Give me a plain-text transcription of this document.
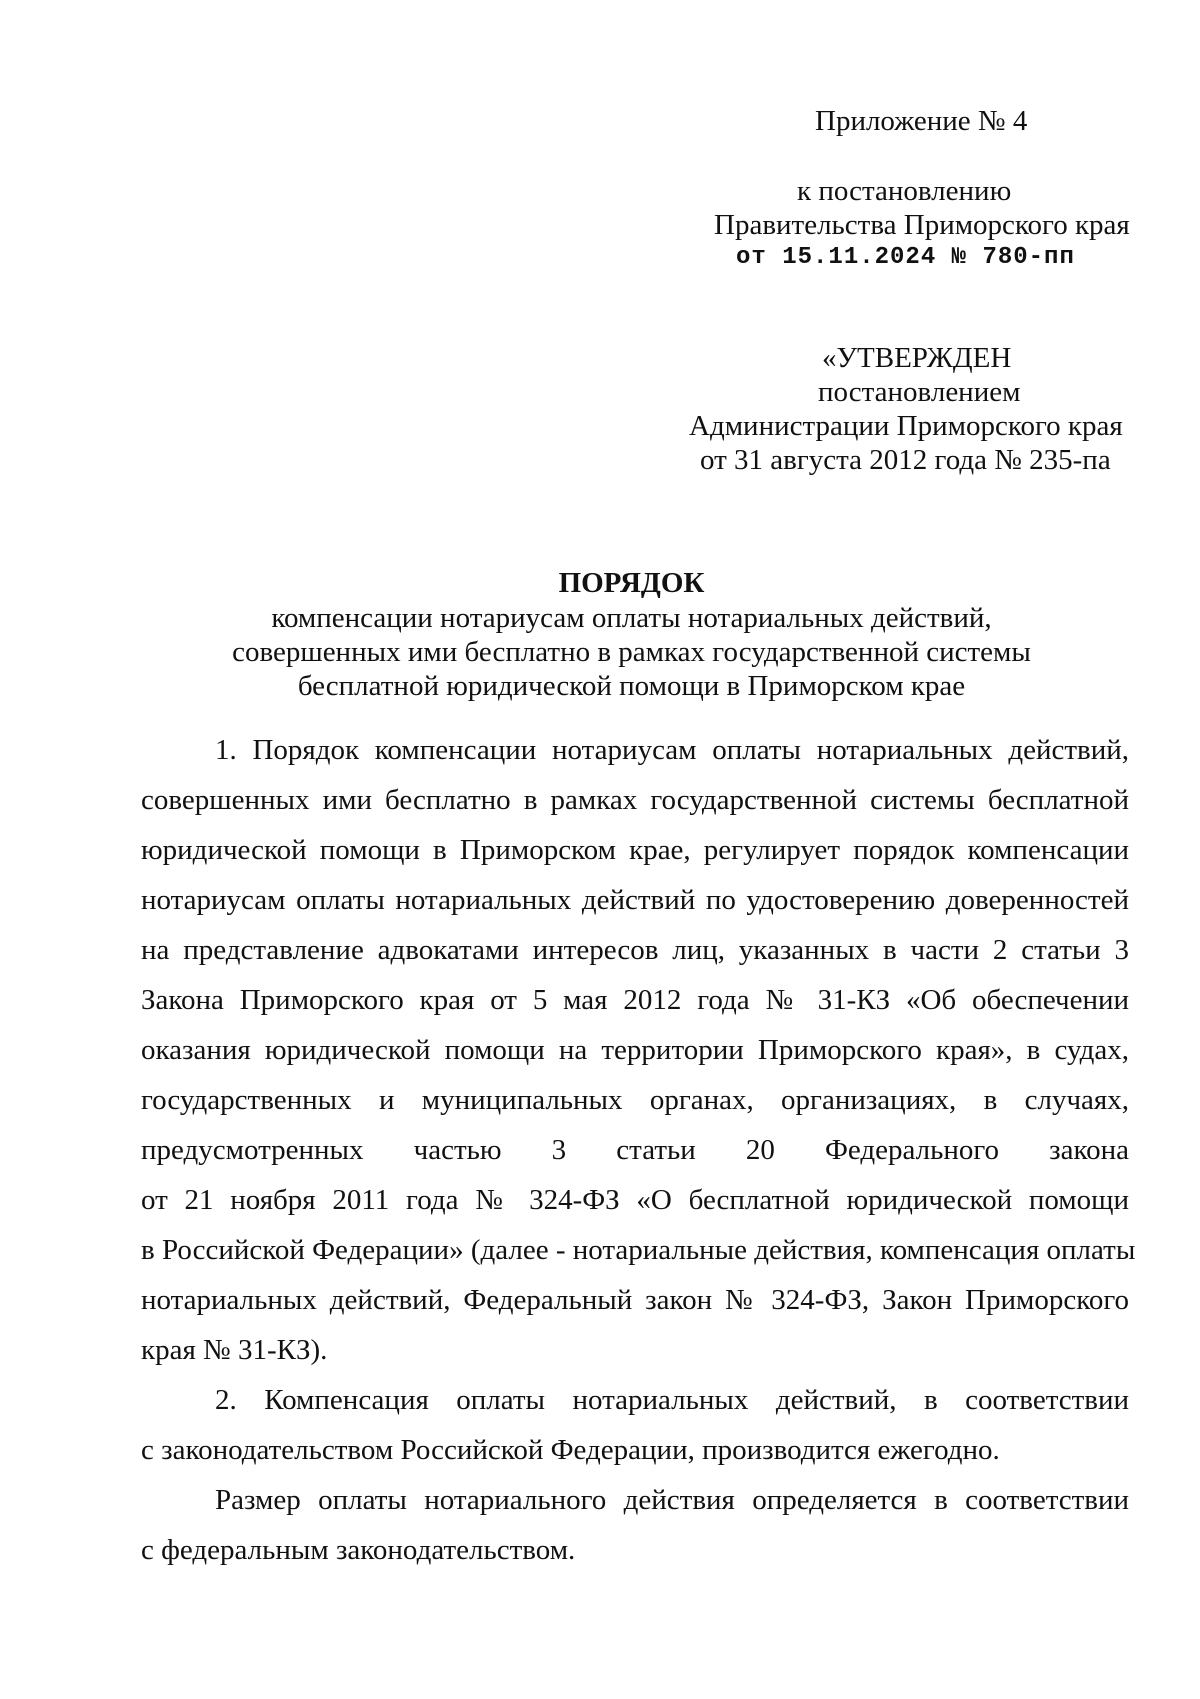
Приложение № 4
к постановлению
Правительства Приморского края
от 15.11.2024 № 780-пп
«УТВЕРЖДЕН
постановлением
Администрации Приморского края
от 31 августа 2012 года № 235-па
ПОРЯДОК
компенсации нотариусам оплаты нотариальных действий,
совершенных ими бесплатно в рамках государственной системы
бесплатной юридической помощи в Приморском крае
1. Порядок компенсации нотариусам оплаты нотариальных действий,
совершенных ими бесплатно в рамках государственной системы бесплатной
юридической помощи в Приморском крае, регулирует порядок компенсации
нотариусам оплаты нотариальных действий по удостоверению доверенностей
на представление адвокатами интересов лиц, указанных в части 2 статьи 3
Закона Приморского края от 5 мая 2012 года № 31-КЗ «Об обеспечении
оказания юридической помощи на территории Приморского края», в судах,
государственных и муниципальных органах, организациях, в случаях,
предусмотренных частью 3 статьи 20 Федерального закона
от 21 ноября 2011 года № 324-ФЗ «О бесплатной юридической помощи
в Российской Федерации» (далее - нотариальные действия, компенсация оплаты
нотариальных действий, Федеральный закон № 324-ФЗ, Закон Приморского
края № 31-КЗ).
2. Компенсация оплаты нотариальных действий, в соответствии
с законодательством Российской Федерации, производится ежегодно.
Размер оплаты нотариального действия определяется в соответствии
с федеральным законодательством.
